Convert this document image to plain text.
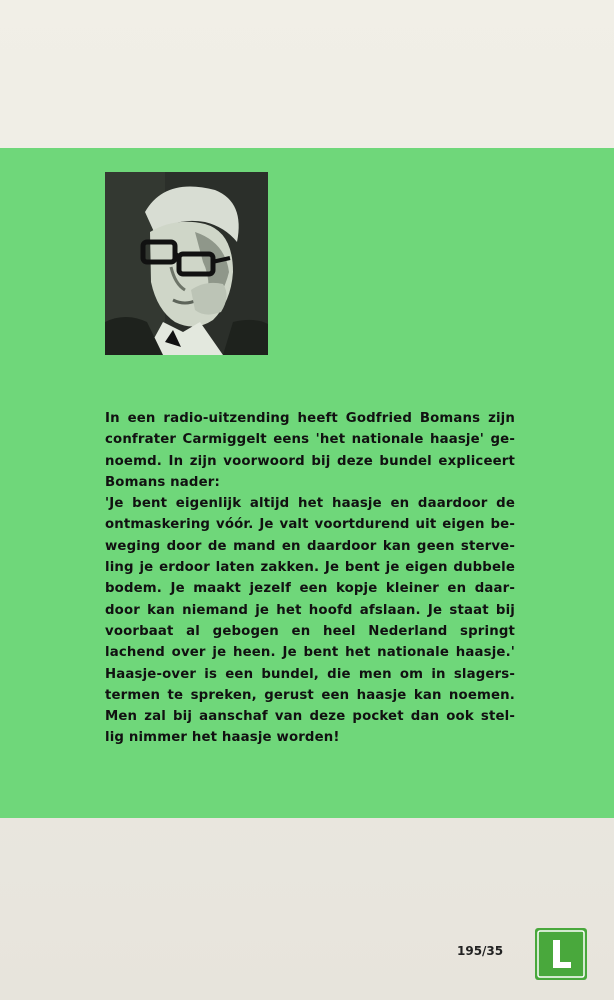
In een radio-uitzending heeft Godfried Bomans zijn
confrater Carmiggelt eens 'het nationale haasje' ge-
noemd. In zijn voorwoord bij deze bundel expliceert
Bomans nader:
'Je bent eigenlijk altijd het haasje en daardoor de
ontmaskering vóór. Je valt voortdurend uit eigen be-
weging door de mand en daardoor kan geen sterve-
ling je erdoor laten zakken. Je bent je eigen dubbele
bodem. Je maakt jezelf een kopje kleiner en daar-
door kan niemand je het hoofd afslaan. Je staat bij
voorbaat al gebogen en heel Nederland springt
lachend over je heen. Je bent het nationale haasje.'
Haasje-over is een bundel, die men om in slagers-
termen te spreken, gerust een haasje kan noemen.
Men zal bij aanschaf van deze pocket dan ook stel-
lig nimmer het haasje worden!
195/35
